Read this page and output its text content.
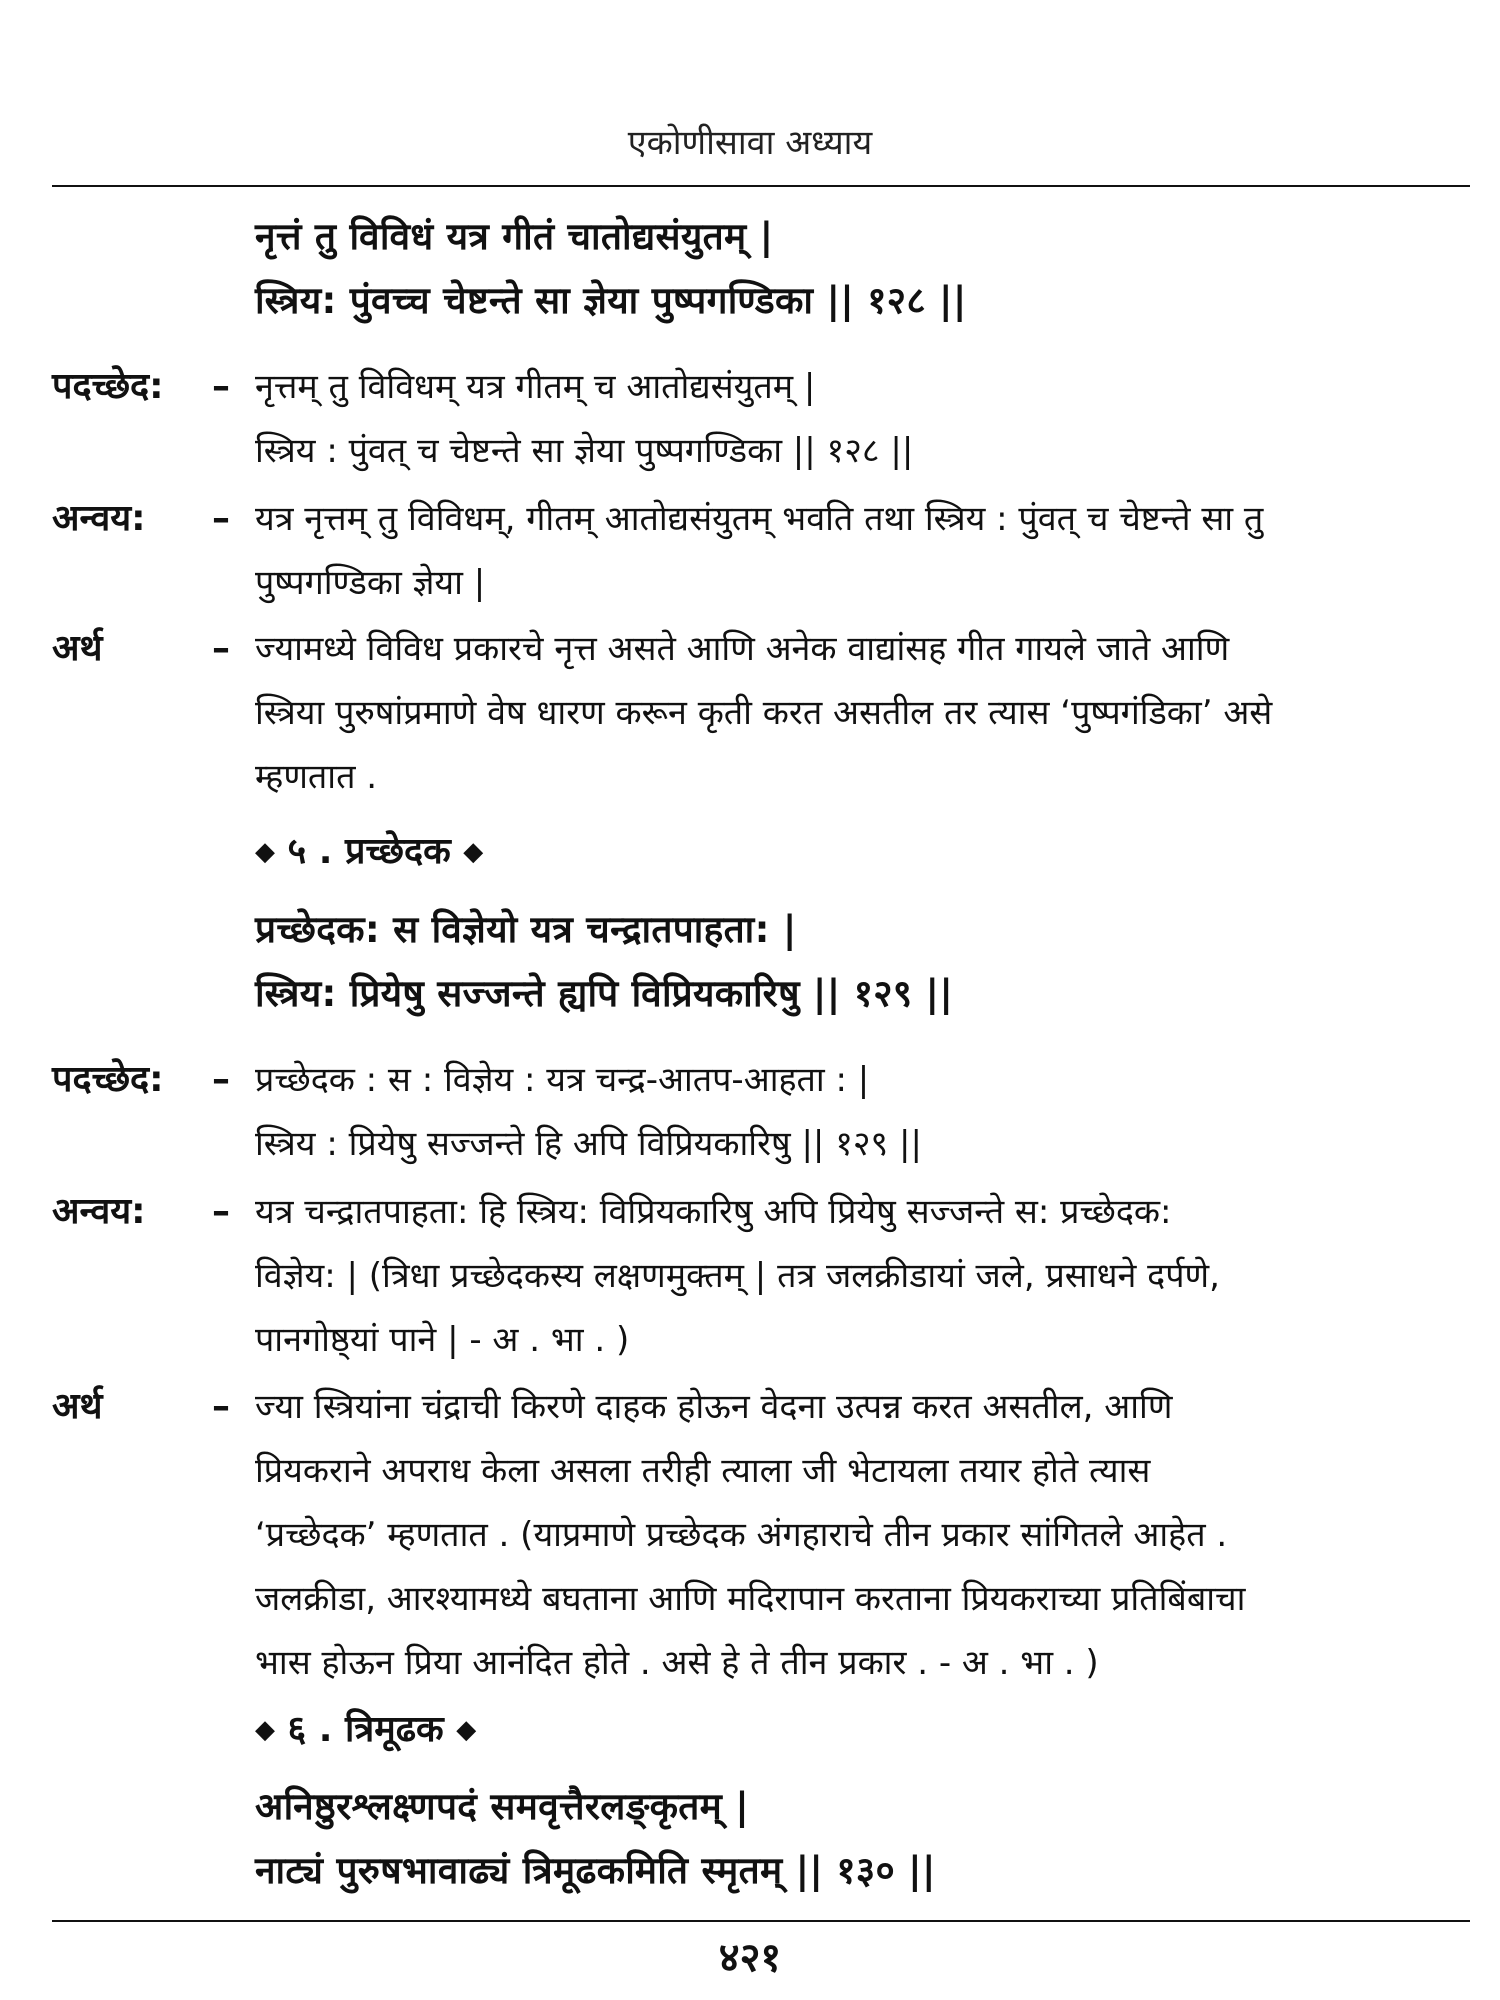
एकोणीसावा अध्याय
नृत्तं तु विविधं यत्र गीतं चातोद्यसंयुतम् |
स्त्रिय: पुंवच्च चेष्टन्ते सा ज्ञेया पुष्पगण्डिका || १२८ ||
पदच्छेद: – नृत्तम् तु विविधम् यत्र गीतम् च आतोद्यसंयुतम् |
स्त्रिय : पुंवत् च चेष्टन्ते सा ज्ञेया पुष्पगण्डिका || १२८ ||
अन्वय: – यत्र नृत्तम् तु विविधम्, गीतम् आतोद्यसंयुतम् भवति तथा स्त्रिय : पुंवत् च चेष्टन्ते सा तु
पुष्पगण्डिका ज्ञेया |
अर्थ	– ज्यामध्ये विविध प्रकारचे नृत्त असते आणि अनेक वाद्यांसह गीत गायले जाते आणि
स्त्रिया पुरुषांप्रमाणे वेष धारण करून कृती करत असतील तर त्यास ‘पुष्पगंडिका’ असे
म्हणतात .
◆ ५ . प्रच्छेदक ◆
प्रच्छेदक: स विज्ञेयो यत्र चन्द्रातपाहता: |
स्त्रिय: प्रियेषु सज्जन्ते ह्यपि विप्रियकारिषु || १२९ ||
पदच्छेद: – प्रच्छेदक : स : विज्ञेय : यत्र चन्द्र-आतप-आहता : |
स्त्रिय : प्रियेषु सज्जन्ते हि अपि विप्रियकारिषु || १२९ ||
अन्वय: – यत्र चन्द्रातपाहता: हि स्त्रिय: विप्रियकारिषु अपि प्रियेषु सज्जन्ते स: प्रच्छेदक:
विज्ञेय: | (त्रिधा प्रच्छेदकस्य लक्षणमुक्तम् | तत्र जलक्रीडायां जले, प्रसाधने दर्पणे,
पानगोष्ठ्यां पाने | - अ . भा . )
अर्थ	– ज्या स्त्रियांना चंद्राची किरणे दाहक होऊन वेदना उत्पन्न करत असतील, आणि
प्रियकराने अपराध केला असला तरीही त्याला जी भेटायला तयार होते त्यास
‘प्रच्छेदक’ म्हणतात . (याप्रमाणे प्रच्छेदक अंगहाराचे तीन प्रकार सांगितले आहेत .
जलक्रीडा, आरश्यामध्ये बघताना आणि मदिरापान करताना प्रियकराच्या प्रतिबिंबाचा
भास होऊन प्रिया आनंदित होते . असे हे ते तीन प्रकार . - अ . भा . )
◆ ६ . त्रिमूढक ◆
अनिष्ठुरश्लक्ष्णपदं समवृत्तैरलङ्कृतम् |
नाट्यं पुरुषभावाढ्यं त्रिमूढकमिति स्मृतम् || १३० ||
४२१
